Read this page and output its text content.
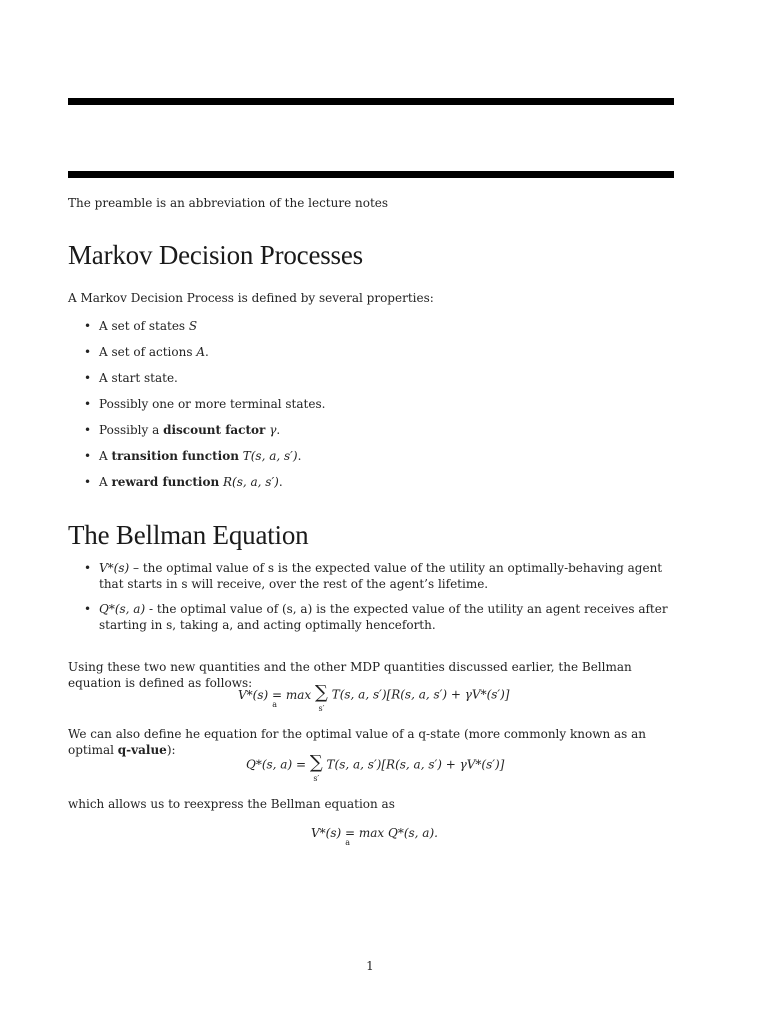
The preamble is an abbreviation of the lecture notes
Markov Decision Processes
A Markov Decision Process is defined by several properties:
• A set of states S
• A set of actions A.
• A start state.
• Possibly one or more terminal states.
• Possibly a discount factor γ.
• A transition function T(s, a, s′).
• A reward function R(s, a, s′).
The Bellman Equation
• V*(s) – the optimal value of s is the expected value of the utility an optimally-behaving agent that starts in s will receive, over the rest of the agent’s lifetime.
• Q*(s, a) - the optimal value of (s, a) is the expected value of the utility an agent receives after starting in s, taking a, and acting optimally henceforth.
Using these two new quantities and the other MDP quantities discussed earlier, the Bellman equation is defined as follows:
V*(s) = max
a
∑
s′
T(s, a, s′)[R(s, a, s′) + γV*(s′)]
We can also define he equation for the optimal value of a q-state (more commonly known as an optimal q-value):
Q*(s, a) = ∑
s′
T(s, a, s′)[R(s, a, s′) + γV*(s′)]
which allows us to reexpress the Bellman equation as
V*(s) = max
a
Q*(s, a).
1
